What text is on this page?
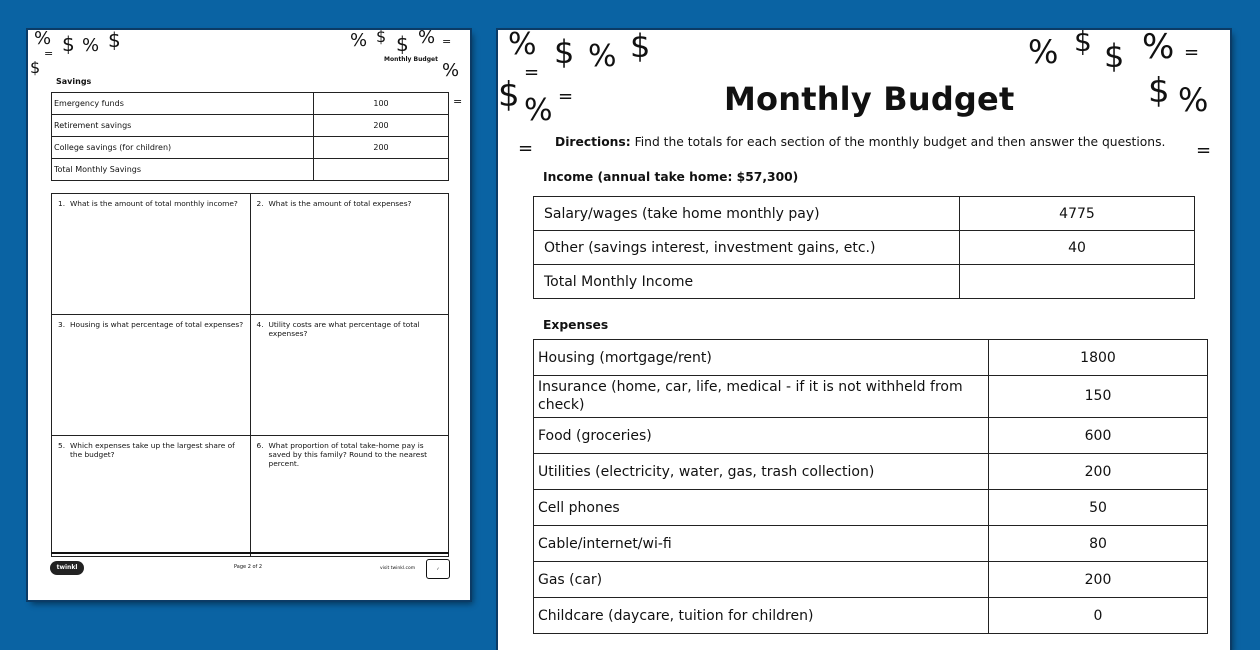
% $ % $
$
=
% $ $ % =
%
=
Monthly Budget
Savings
Emergency funds	100
Retirement savings	200
College savings (for children)	200
Total Monthly Savings	
1. What is the amount of total monthly income?	2. What is the amount of total expenses?

3. Housing is what percentage of total expenses?	4. Utility costs are what percentage of total expenses?

5. Which expenses take up the largest share of the budget?	6. What proportion of total take-home pay is saved by this family? Round to the nearest percent.
twinkl	Page 2 of 2	visit twinkl.com	✓
% $ % $
=
$ % =
=
% $ $ % =
$ %
=
Monthly Budget
Directions: Find the totals for each section of the monthly budget and then answer the questions.
Income (annual take home: $57,300)
Salary/wages (take home monthly pay)	4775
Other (savings interest, investment gains, etc.)	40
Total Monthly Income	
Expenses
Housing (mortgage/rent)	1800
Insurance (home, car, life, medical - if it is not withheld from check)	150
Food (groceries)	600
Utilities (electricity, water, gas, trash collection)	200
Cell phones	50
Cable/internet/wi-fi	80
Gas (car)	200
Childcare (daycare, tuition for children)	0
